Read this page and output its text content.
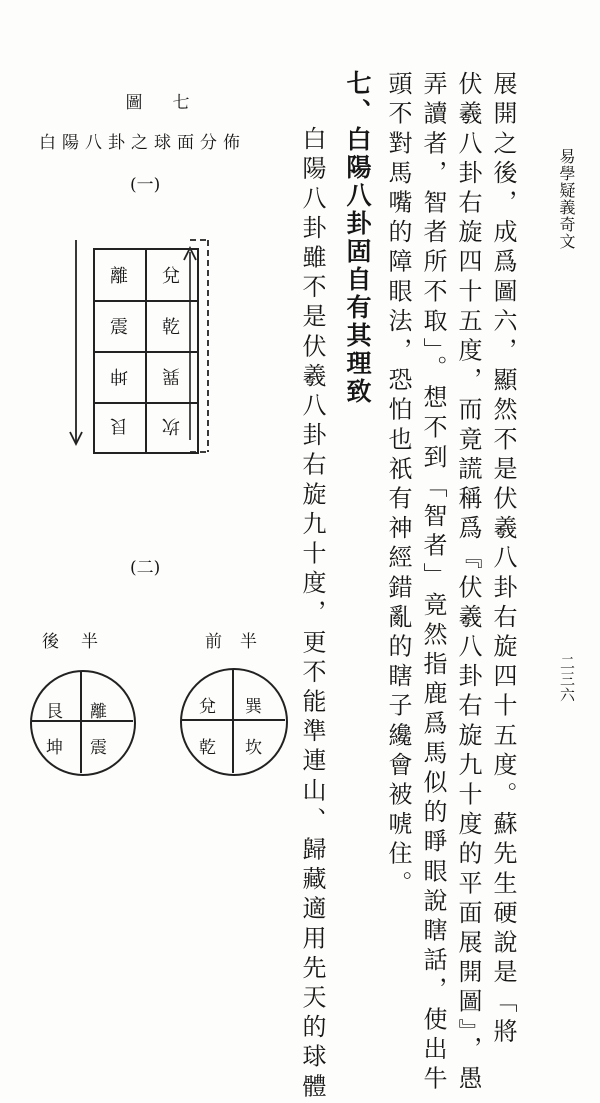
易學疑義奇文
二三六
展開之後，成爲圖六，顯然不是伏羲八卦右旋四十五度。蘇先生硬說是「將
伏羲八卦右旋四十五度，而竟謊稱爲『伏羲八卦右旋九十度的平面展開圖』，愚
弄讀者，智者所不取」。想不到「智者」竟然指鹿爲馬似的睜眼說瞎話，使出牛
頭不對馬嘴的障眼法，恐怕也祇有神經錯亂的瞎子纔會被唬住。
七、白陽八卦固自有其理致
白陽八卦雖不是伏羲八卦右旋九十度，更不能準連山、歸藏適用先天的球體
圖七
白陽八卦之球面分佈
(一)
兌
離
乾
震
巽
坤
坎
艮
(二)
前半
後半
艮 離
坤 震
兌 巽
乾 坎
